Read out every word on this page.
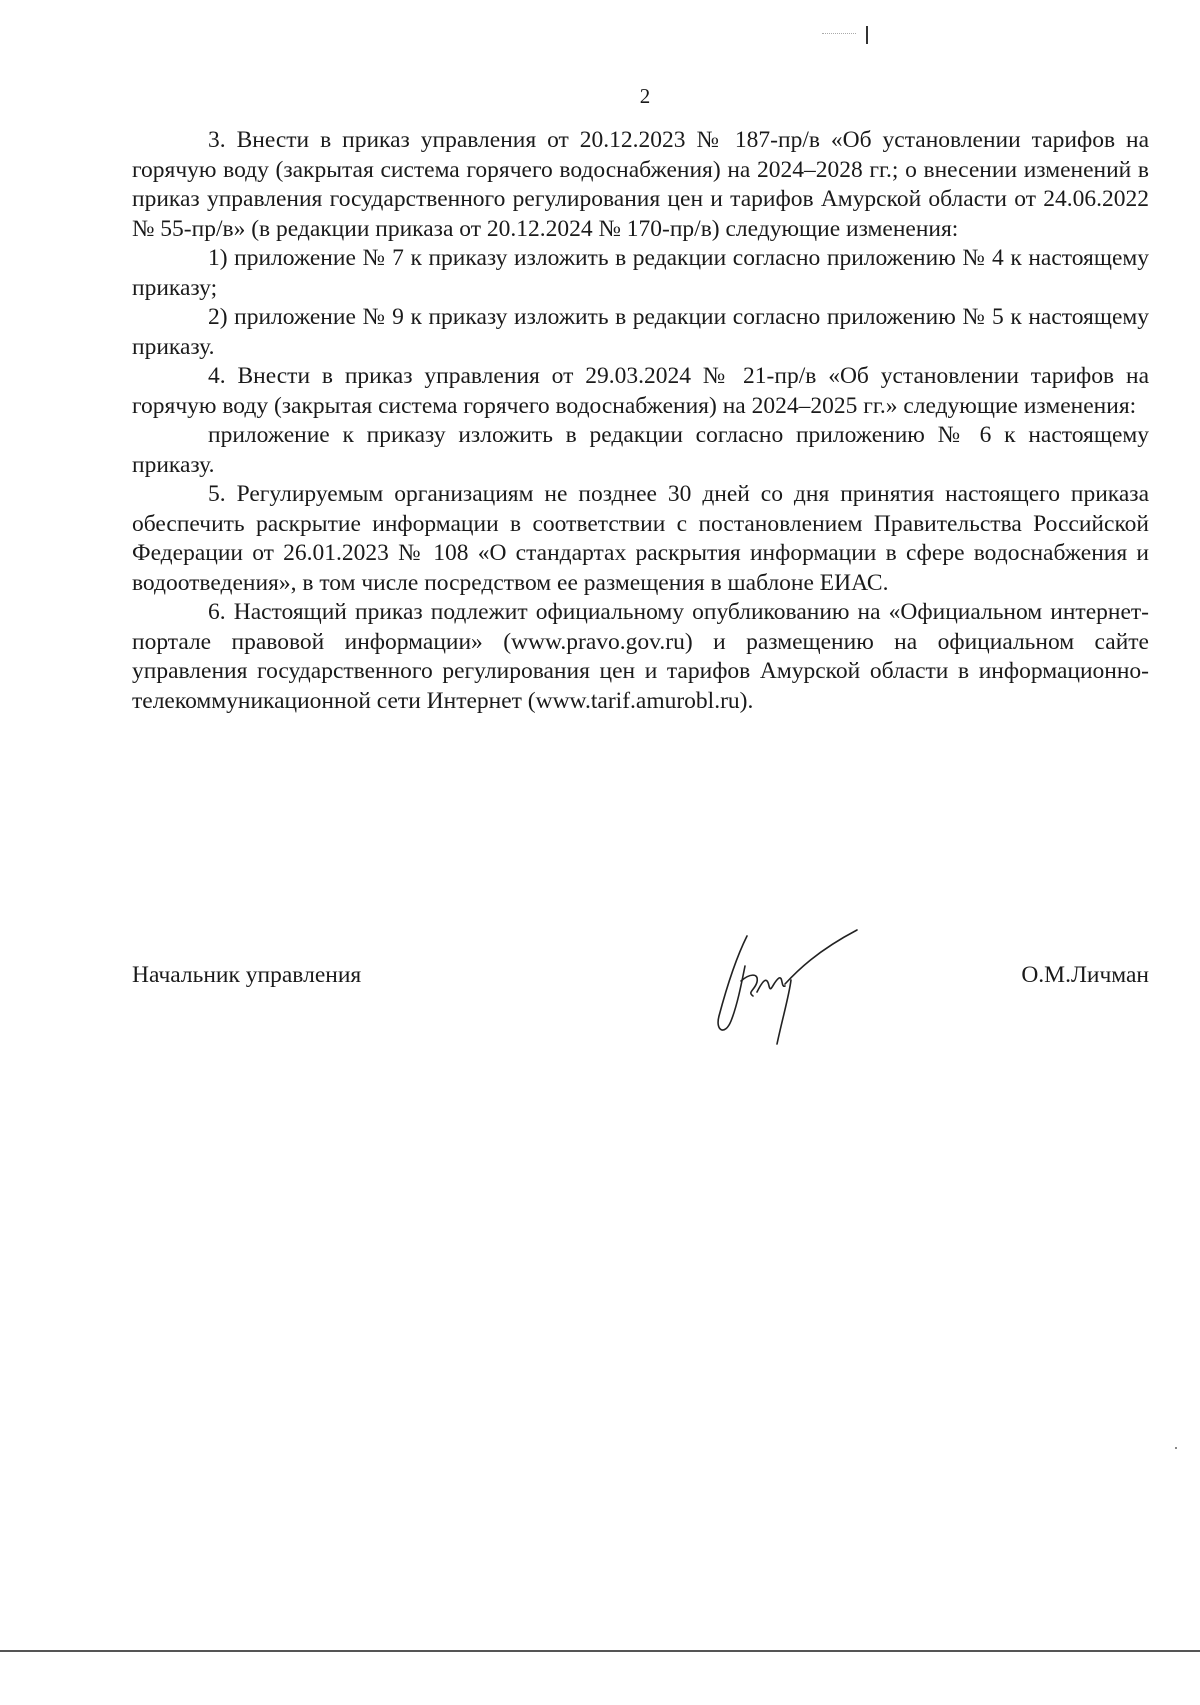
2

3. Внести в приказ управления от 20.12.2023 № 187-пр/в «Об установлении тарифов на горячую воду (закрытая система горячего водоснабжения) на 2024–2028 гг.; о внесении изменений в приказ управления государственного регулирования цен и тарифов Амурской области от 24.06.2022 № 55-пр/в» (в редакции приказа от 20.12.2024 № 170-пр/в) следующие изменения:

1) приложение № 7 к приказу изложить в редакции согласно приложению № 4 к настоящему приказу;

2) приложение № 9 к приказу изложить в редакции согласно приложению № 5 к настоящему приказу.

4. Внести в приказ управления от 29.03.2024 № 21-пр/в «Об установлении тарифов на горячую воду (закрытая система горячего водоснабжения) на 2024–2025 гг.» следующие изменения:

приложение к приказу изложить в редакции согласно приложению № 6 к настоящему приказу.

5. Регулируемым организациям не позднее 30 дней со дня принятия настоящего приказа обеспечить раскрытие информации в соответствии с постановлением Правительства Российской Федерации от 26.01.2023 № 108 «О стандартах раскрытия информации в сфере водоснабжения и водоотведения», в том числе посредством ее размещения в шаблоне ЕИАС.

6. Настоящий приказ подлежит официальному опубликованию на «Официальном интернет-портале правовой информации» (www.pravo.gov.ru) и размещению на официальном сайте управления государственного регулирования цен и тарифов Амурской области в информационно-телекоммуникационной сети Интернет (www.tarif.amurobl.ru).

Начальник управления	О.М.Личман
